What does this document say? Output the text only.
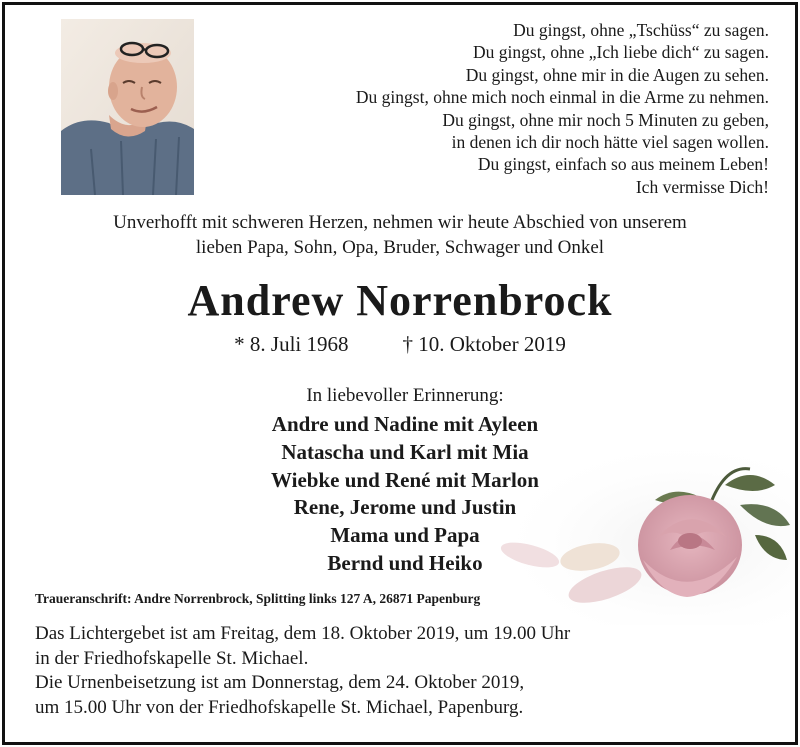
Du gingst, ohne „Tschüss“ zu sagen.
Du gingst, ohne „Ich liebe dich“ zu sagen.
Du gingst, ohne mir in die Augen zu sehen.
Du gingst, ohne mich noch einmal in die Arme zu nehmen.
Du gingst, ohne mir noch 5 Minuten zu geben,
in denen ich dir noch hätte viel sagen wollen.
Du gingst, einfach so aus meinem Leben!
Ich vermisse Dich!
Unverhofft mit schweren Herzen, nehmen wir heute Abschied von unserem
lieben Papa, Sohn, Opa, Bruder, Schwager und Onkel
Andrew Norrenbrock
* 8. Juli 1968	† 10. Oktober 2019
In liebevoller Erinnerung:
Andre und Nadine mit Ayleen
Natascha und Karl mit Mia
Wiebke und René mit Marlon
Rene, Jerome und Justin
Mama und Papa
Bernd und Heiko
Traueranschrift: Andre Norrenbrock, Splitting links 127 A, 26871 Papenburg
Das Lichtergebet ist am Freitag, dem 18. Oktober 2019, um 19.00 Uhr
in der Friedhofskapelle St. Michael.
Die Urnenbeisetzung ist am Donnerstag, dem 24. Oktober 2019,
um 15.00 Uhr von der Friedhofskapelle St. Michael, Papenburg.
